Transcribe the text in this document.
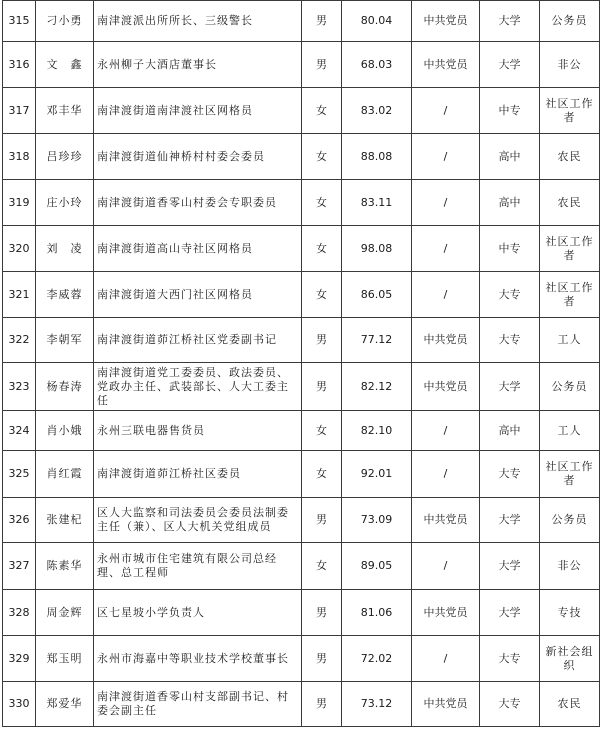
315	刁小勇	南津渡派出所所长、三级警长	男	80.04	中共党员	大学	公务员
316	文　鑫	永州柳子大酒店董事长	男	68.03	中共党员	大学	非公
317	邓丰华	南津渡街道南津渡社区网格员	女	83.02	/	中专	社区工作者
318	吕珍珍	南津渡街道仙神桥村村委会委员	女	88.08	/	高中	农民
319	庄小玲	南津渡街道香零山村委会专职委员	女	83.11	/	高中	农民
320	刘　凌	南津渡街道高山寺社区网格员	女	98.08	/	中专	社区工作者
321	李威蓉	南津渡街道大西门社区网格员	女	86.05	/	大专	社区工作者
322	李朝军	南津渡街道茆江桥社区党委副书记	男	77.12	中共党员	大专	工人
323	杨春涛	南津渡街道党工委委员、政法委员、党政办主任、武装部长、人大工委主任	男	82.12	中共党员	大学	公务员
324	肖小娥	永州三联电器售货员	女	82.10	/	高中	工人
325	肖红霞	南津渡街道茆江桥社区委员	女	92.01	/	大专	社区工作者
326	张建杞	区人大监察和司法委员会委员法制委主任（兼）、区人大机关党组成员	男	73.09	中共党员	大学	公务员
327	陈素华	永州市城市住宅建筑有限公司总经理、总工程师	女	89.05	/	大学	非公
328	周金辉	区七星坡小学负责人	男	81.06	中共党员	大学	专技
329	郑玉明	永州市海嘉中等职业技术学校董事长	男	72.02	/	大专	新社会组织
330	郑爱华	南津渡街道香零山村支部副书记、村委会副主任	男	73.12	中共党员	大专	农民
